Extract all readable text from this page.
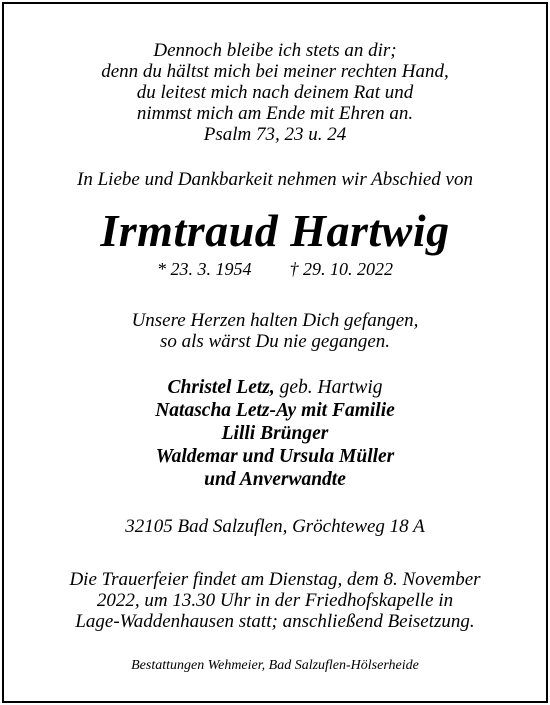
Dennoch bleibe ich stets an dir;
denn du hältst mich bei meiner rechten Hand,
du leitest mich nach deinem Rat und
nimmst mich am Ende mit Ehren an.
Psalm 73, 23 u. 24
In Liebe und Dankbarkeit nehmen wir Abschied von
Irmtraud Hartwig
* 23. 3. 1954 † 29. 10. 2022
Unsere Herzen halten Dich gefangen,
so als wärst Du nie gegangen.
Christel Letz, geb. Hartwig
Natascha Letz-Ay mit Familie
Lilli Brünger
Waldemar und Ursula Müller
und Anverwandte
32105 Bad Salzuflen, Gröchteweg 18 A
Die Trauerfeier findet am Dienstag, dem 8. November
2022, um 13.30 Uhr in der Friedhofskapelle in
Lage-Waddenhausen statt; anschließend Beisetzung.
Bestattungen Wehmeier, Bad Salzuflen-Hölserheide
